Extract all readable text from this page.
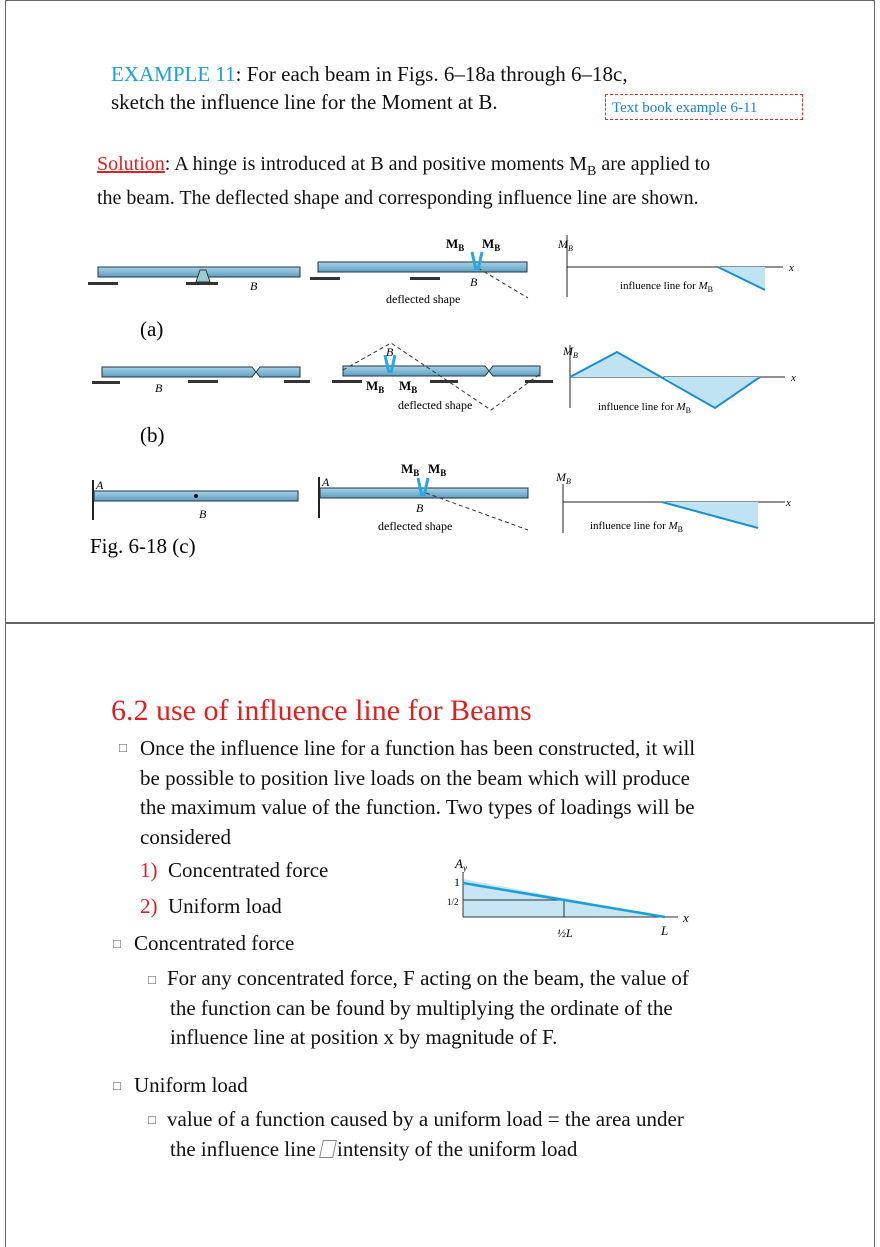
EXAMPLE 11: For each beam in Figs. 6–18a through 6–18c,
sketch the influence line for the Moment at B.	Text book example 6-11
Solution: A hinge is introduced at B and positive moments $M_B$ are applied to
the beam. The deflected shape and corresponding influence line are shown.
B
$M_B$ $M_B$
B
deflected shape
$M_B$
x
influence line for $M_B$
(a)
B
B
$M_B$ $M_B$
deflected shape
$M_B$
x
influence line for $M_B$
(b)
A
B
A
$M_B$ $M_B$
B
deflected shape
$M_B$
x
influence line for $M_B$
Fig. 6-18 (c)
6.2 use of influence line for Beams
□ Once the influence line for a function has been constructed, it will
be possible to position live loads on the beam which will produce
the maximum value of the function. Two types of loadings will be
considered
1) Concentrated force
2) Uniform load
$A_y$
1
1/2
½L	L
x
□ Concentrated force
□ For any concentrated force, F acting on the beam, the value of
the function can be found by multiplying the ordinate of the
influence line at position x by magnitude of F.
□ Uniform load
□ value of a function caused by a uniform load = the area under
the influence line intensity of the uniform load
